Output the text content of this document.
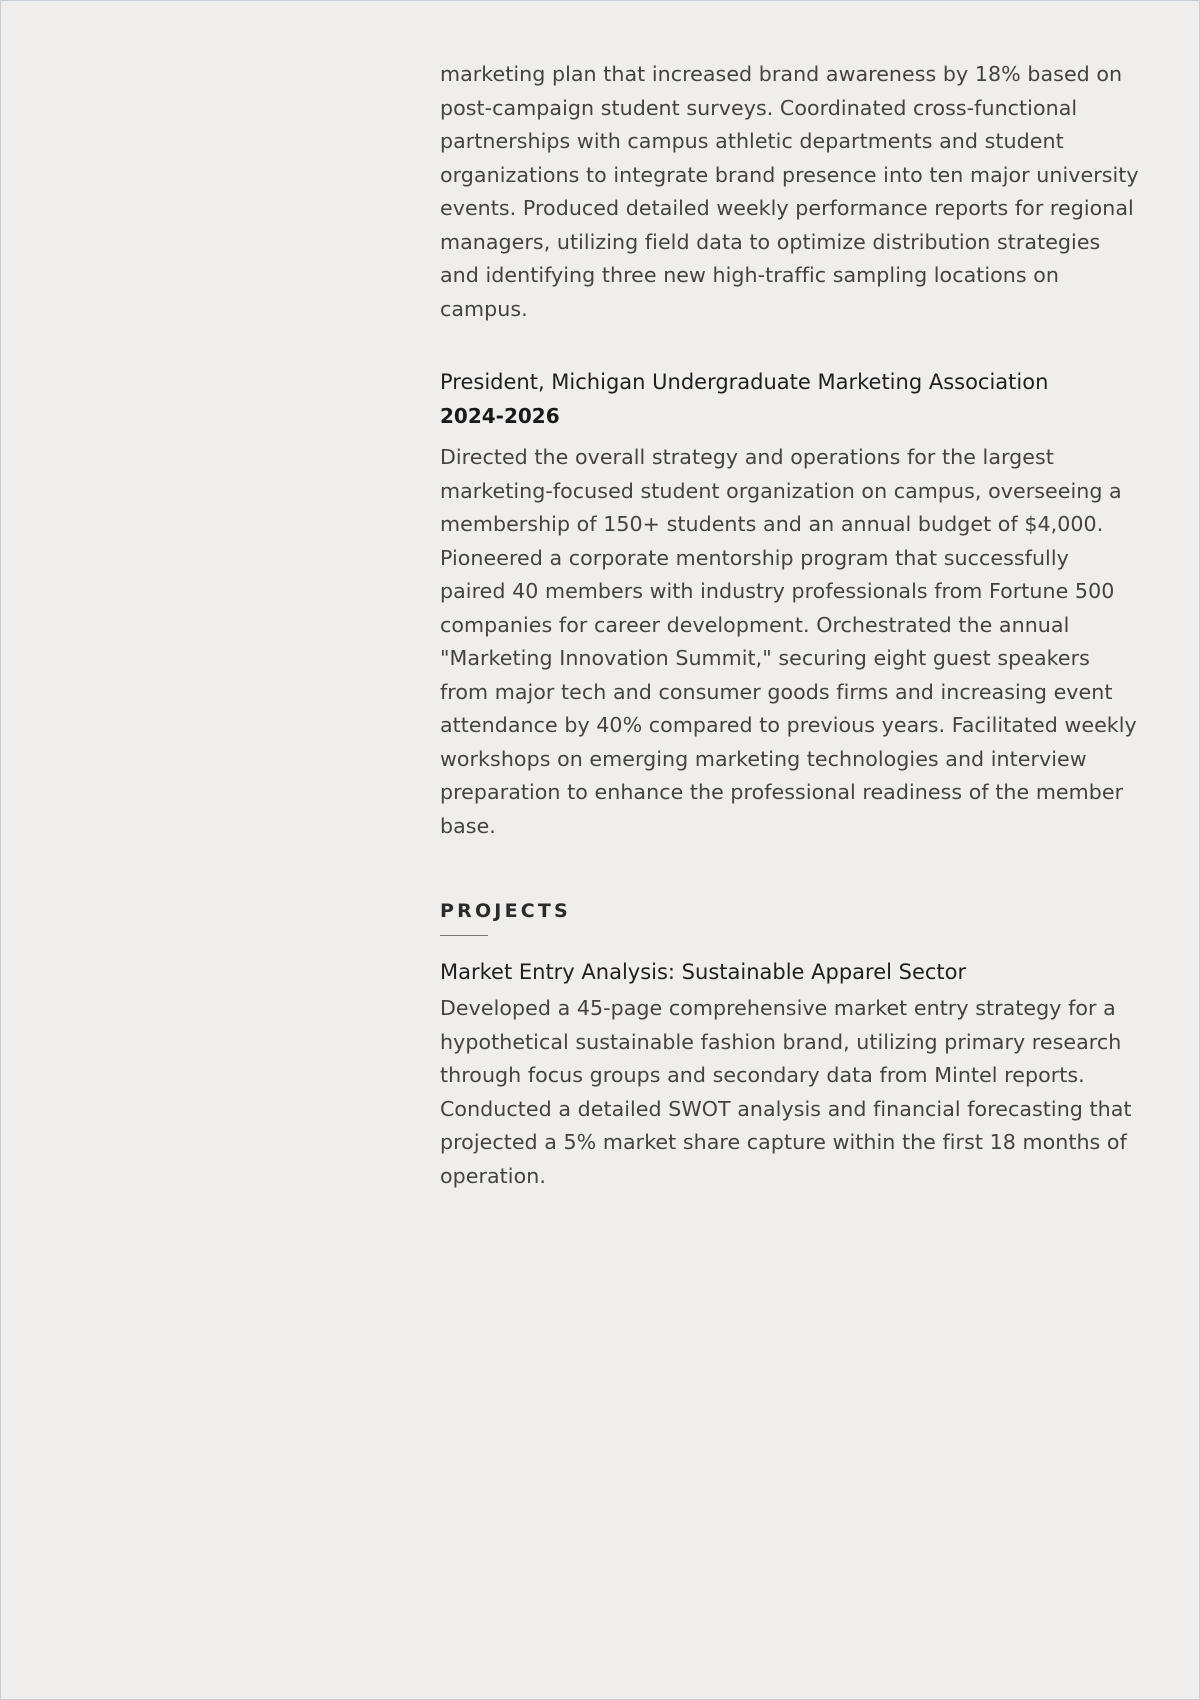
marketing plan that increased brand awareness by 18% based on post-campaign student surveys. Coordinated cross-functional partnerships with campus athletic departments and student organizations to integrate brand presence into ten major university events. Produced detailed weekly performance reports for regional managers, utilizing field data to optimize distribution strategies and identifying three new high-traffic sampling locations on campus.

President, Michigan Undergraduate Marketing Association

2024-2026

Directed the overall strategy and operations for the largest marketing-focused student organization on campus, overseeing a membership of 150+ students and an annual budget of $4,000. Pioneered a corporate mentorship program that successfully paired 40 members with industry professionals from Fortune 500 companies for career development. Orchestrated the annual "Marketing Innovation Summit," securing eight guest speakers from major tech and consumer goods firms and increasing event attendance by 40% compared to previous years. Facilitated weekly workshops on emerging marketing technologies and interview preparation to enhance the professional readiness of the member base.

PROJECTS

Market Entry Analysis: Sustainable Apparel Sector

Developed a 45-page comprehensive market entry strategy for a hypothetical sustainable fashion brand, utilizing primary research through focus groups and secondary data from Mintel reports. Conducted a detailed SWOT analysis and financial forecasting that projected a 5% market share capture within the first 18 months of operation.
